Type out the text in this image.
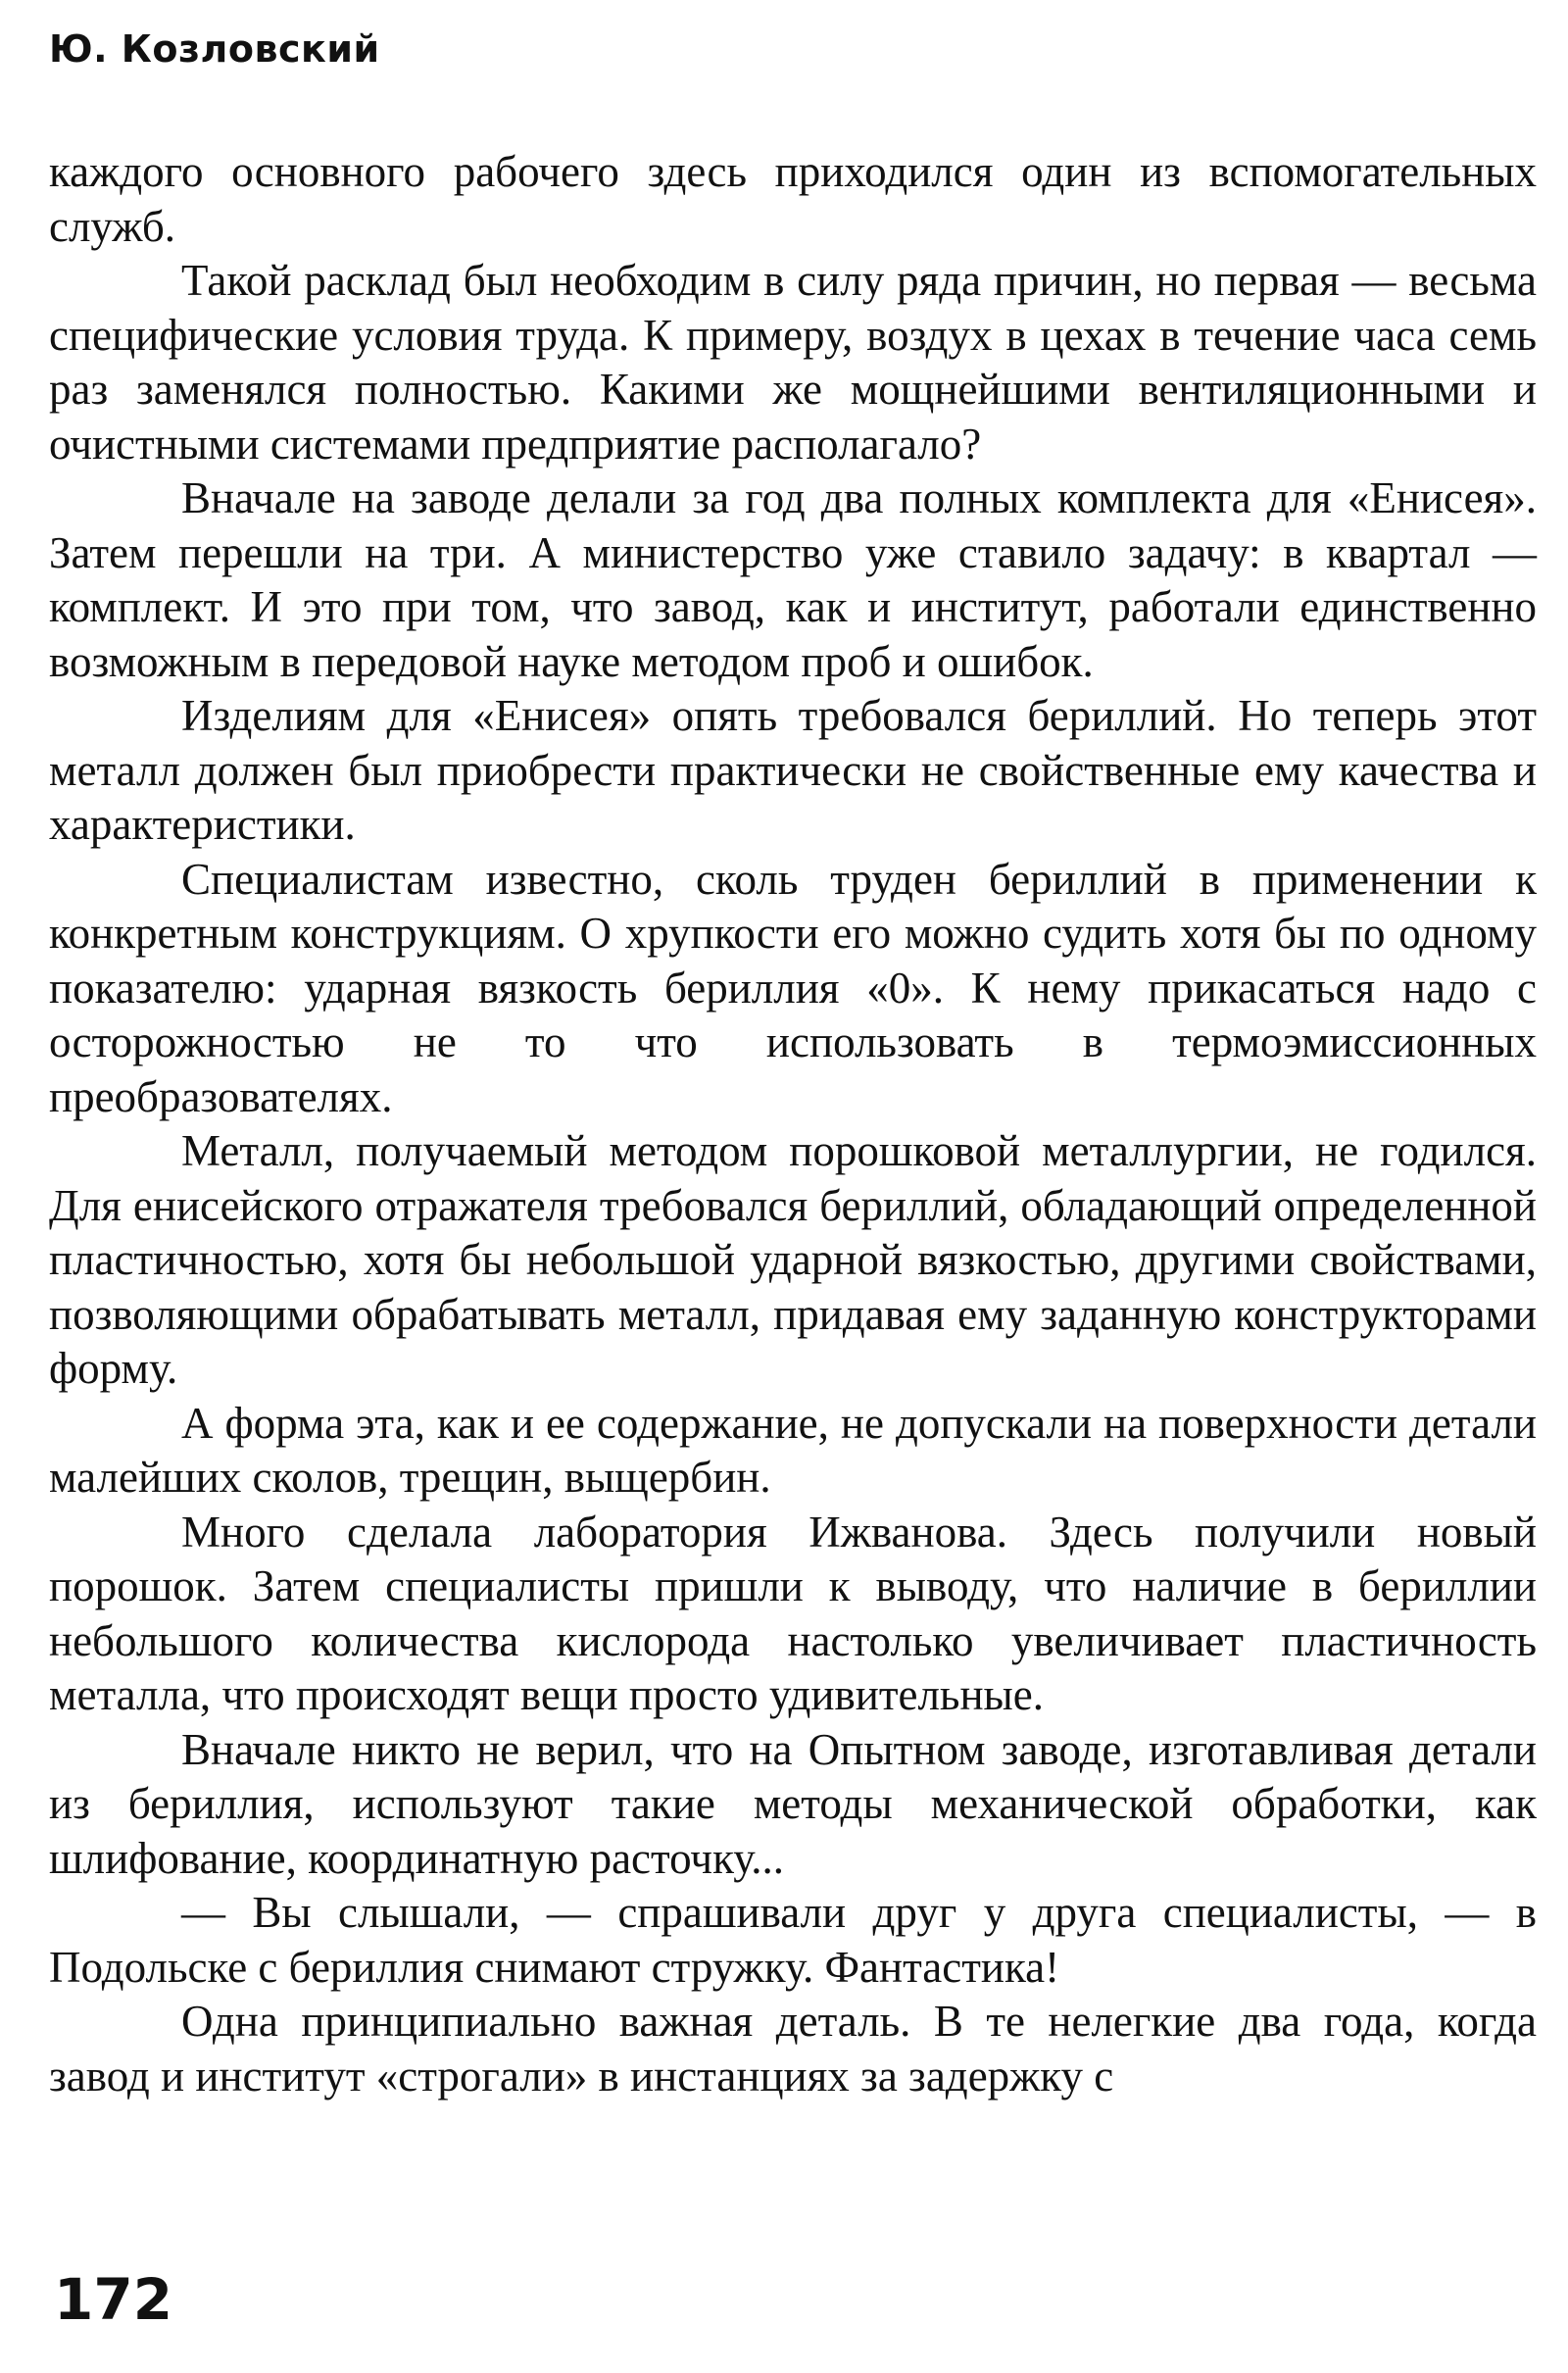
Ю. Козловский

каждого основного рабочего здесь приходился один из вспомогательных служб.

Такой расклад был необходим в силу ряда причин, но первая — весьма специфические условия труда. К примеру, воздух в цехах в течение часа семь раз заменялся полностью. Какими же мощнейшими вентиляционными и очистными системами предприятие располагало?

Вначале на заводе делали за год два полных комплекта для «Енисея». Затем перешли на три. А министерство уже ставило задачу: в квартал — комплект. И это при том, что завод, как и институт, работали единственно возможным в передовой науке методом проб и ошибок.

Изделиям для «Енисея» опять требовался бериллий. Но теперь этот металл должен был приобрести практически не свойственные ему качества и характеристики.

Специалистам известно, сколь труден бериллий в применении к конкретным конструкциям. О хрупкости его можно судить хотя бы по одному показателю: ударная вязкость бериллия «0». К нему прикасаться надо с осторожностью не то что использовать в термоэмиссионных преобразователях.

Металл, получаемый методом порошковой металлургии, не годился. Для енисейского отражателя требовался бериллий, обладающий определенной пластичностью, хотя бы небольшой ударной вязкостью, другими свойствами, позволяющими обрабатывать металл, придавая ему заданную конструкторами форму.

А форма эта, как и ее содержание, не допускали на поверхности детали малейших сколов, трещин, выщербин.

Много сделала лаборатория Ижванова. Здесь получили новый порошок. Затем специалисты пришли к выводу, что наличие в бериллии небольшого количества кислорода настолько увеличивает пластичность металла, что происходят вещи просто удивительные.

Вначале никто не верил, что на Опытном заводе, изготавливая детали из бериллия, используют такие методы механической обработки, как шлифование, координатную расточку...

— Вы слышали, — спрашивали друг у друга специалисты, — в Подольске с бериллия снимают стружку. Фантастика!

Одна принципиально важная деталь. В те нелегкие два года, когда завод и институт «строгали» в инстанциях за задержку с

172
